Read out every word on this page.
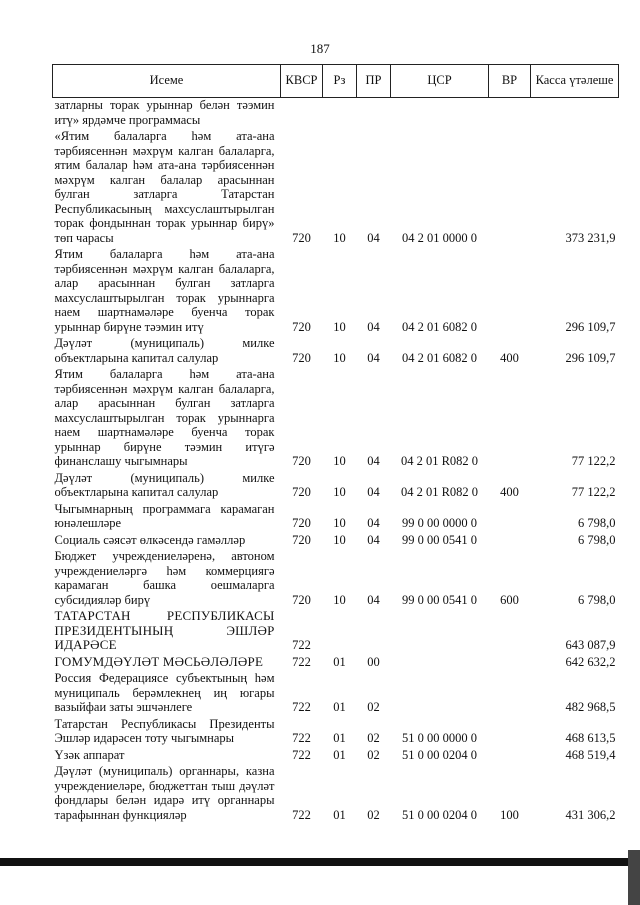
187
Исеме	КВСР	Рз	ПР	ЦСР	ВР	Касса үтәлеше
затларны торак урыннар белән тәэмин итү» ярдәмче программасы						
«Ятим балаларга һәм ата-ана тәрбиясеннән мәхрүм калган балаларга, ятим балалар һәм ата-ана тәрбиясеннән мәхрүм калган балалар арасыннан булган затларга Татарстан Республикасының махсуслаштырылган торак фондыннан торак урыннар бирү» төп чарасы	720	10	04	04 2 01 0000 0		373 231,9
Ятим балаларга һәм ата-ана тәрбиясеннән мәхрүм калган балаларга, алар арасыннан булган затларга махсуслаштырылган торак урыннарга наем шартнамәләре буенча торак урыннар бирүне тәэмин итү	720	10	04	04 2 01 6082 0		296 109,7
Дәүләт (муниципаль) милке объектларына капитал салулар	720	10	04	04 2 01 6082 0	400	296 109,7
Ятим балаларга һәм ата-ана тәрбиясеннән мәхрүм калган балаларга, алар арасыннан булган затларга махсуслаштырылган торак урыннарга наем шартнамәләре буенча торак урыннар бирүне тәэмин итүгә финанслашу чыгымнары	720	10	04	04 2 01 R082 0		77 122,2
Дәүләт (муниципаль) милке объектларына капитал салулар	720	10	04	04 2 01 R082 0	400	77 122,2
Чыгымнарның программага карамаган юнәлешләре	720	10	04	99 0 00 0000 0		6 798,0
Социаль сәясәт өлкәсендә гамәлләр	720	10	04	99 0 00 0541 0		6 798,0
Бюджет учреждениеләренә, автоном учреждениеләргә һәм коммерциягә карамаган башка оешмаларга субсидияләр бирү	720	10	04	99 0 00 0541 0	600	6 798,0
ТАТАРСТАН РЕСПУБЛИКАСЫ ПРЕЗИДЕНТЫНЫҢ ЭШЛӘР ИДАРӘСЕ	722					643 087,9
ГОМУМДӘҮЛӘТ МӘСЬӘЛӘЛӘРЕ	722	01	00			642 632,2
Россия Федерациясе субъектының һәм муниципаль берәмлекнең иң югары вазыйфаи заты эшчәнлеге	722	01	02			482 968,5
Татарстан Республикасы Президенты Эшләр идарәсен тоту чыгымнары	722	01	02	51 0 00 0000 0		468 613,5
Үзәк аппарат	722	01	02	51 0 00 0204 0		468 519,4
Дәүләт (муниципаль) органнары, казна учреждениеләре, бюджеттан тыш дәүләт фондлары белән идарә итү органнары тарафыннан функцияләр	722	01	02	51 0 00 0204 0	100	431 306,2
